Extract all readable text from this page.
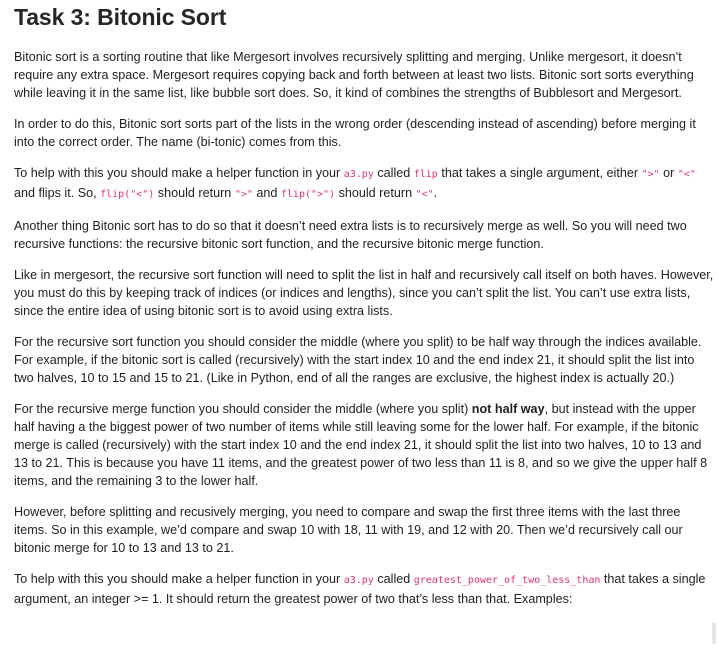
Task 3: Bitonic Sort

Bitonic sort is a sorting routine that like Mergesort involves recursively splitting and merging. Unlike mergesort, it doesn’t require any extra space. Mergesort requires copying back and forth between at least two lists. Bitonic sort sorts everything while leaving it in the same list, like bubble sort does. So, it kind of combines the strengths of Bubblesort and Mergesort.

In order to do this, Bitonic sort sorts part of the lists in the wrong order (descending instead of ascending) before merging it into the correct order. The name (bi-tonic) comes from this.

To help with this you should make a helper function in your a3.py called flip that takes a single argument, either ">" or "<" and flips it. So, flip("<") should return ">" and flip(">") should return "<".

Another thing Bitonic sort has to do so that it doesn’t need extra lists is to recursively merge as well. So you will need two recursive functions: the recursive bitonic sort function, and the recursive bitonic merge function.

Like in mergesort, the recursive sort function will need to split the list in half and recursively call itself on both haves. However, you must do this by keeping track of indices (or indices and lengths), since you can’t split the list. You can’t use extra lists, since the entire idea of using bitonic sort is to avoid using extra lists.

For the recursive sort function you should consider the middle (where you split) to be half way through the indices available. For example, if the bitonic sort is called (recursively) with the start index 10 and the end index 21, it should split the list into two halves, 10 to 15 and 15 to 21. (Like in Python, end of all the ranges are exclusive, the highest index is actually 20.)

For the recursive merge function you should consider the middle (where you split) not half way, but instead with the upper half having a the biggest power of two number of items while still leaving some for the lower half. For example, if the bitonic merge is called (recursively) with the start index 10 and the end index 21, it should split the list into two halves, 10 to 13 and 13 to 21. This is because you have 11 items, and the greatest power of two less than 11 is 8, and so we give the upper half 8 items, and the remaining 3 to the lower half.

However, before splitting and recusively merging, you need to compare and swap the first three items with the last three items. So in this example, we’d compare and swap 10 with 18, 11 with 19, and 12 with 20. Then we’d recursively call our bitonic merge for 10 to 13 and 13 to 21.

To help with this you should make a helper function in your a3.py called greatest_power_of_two_less_than that takes a single argument, an integer >= 1. It should return the greatest power of two that’s less than that. Examples:
